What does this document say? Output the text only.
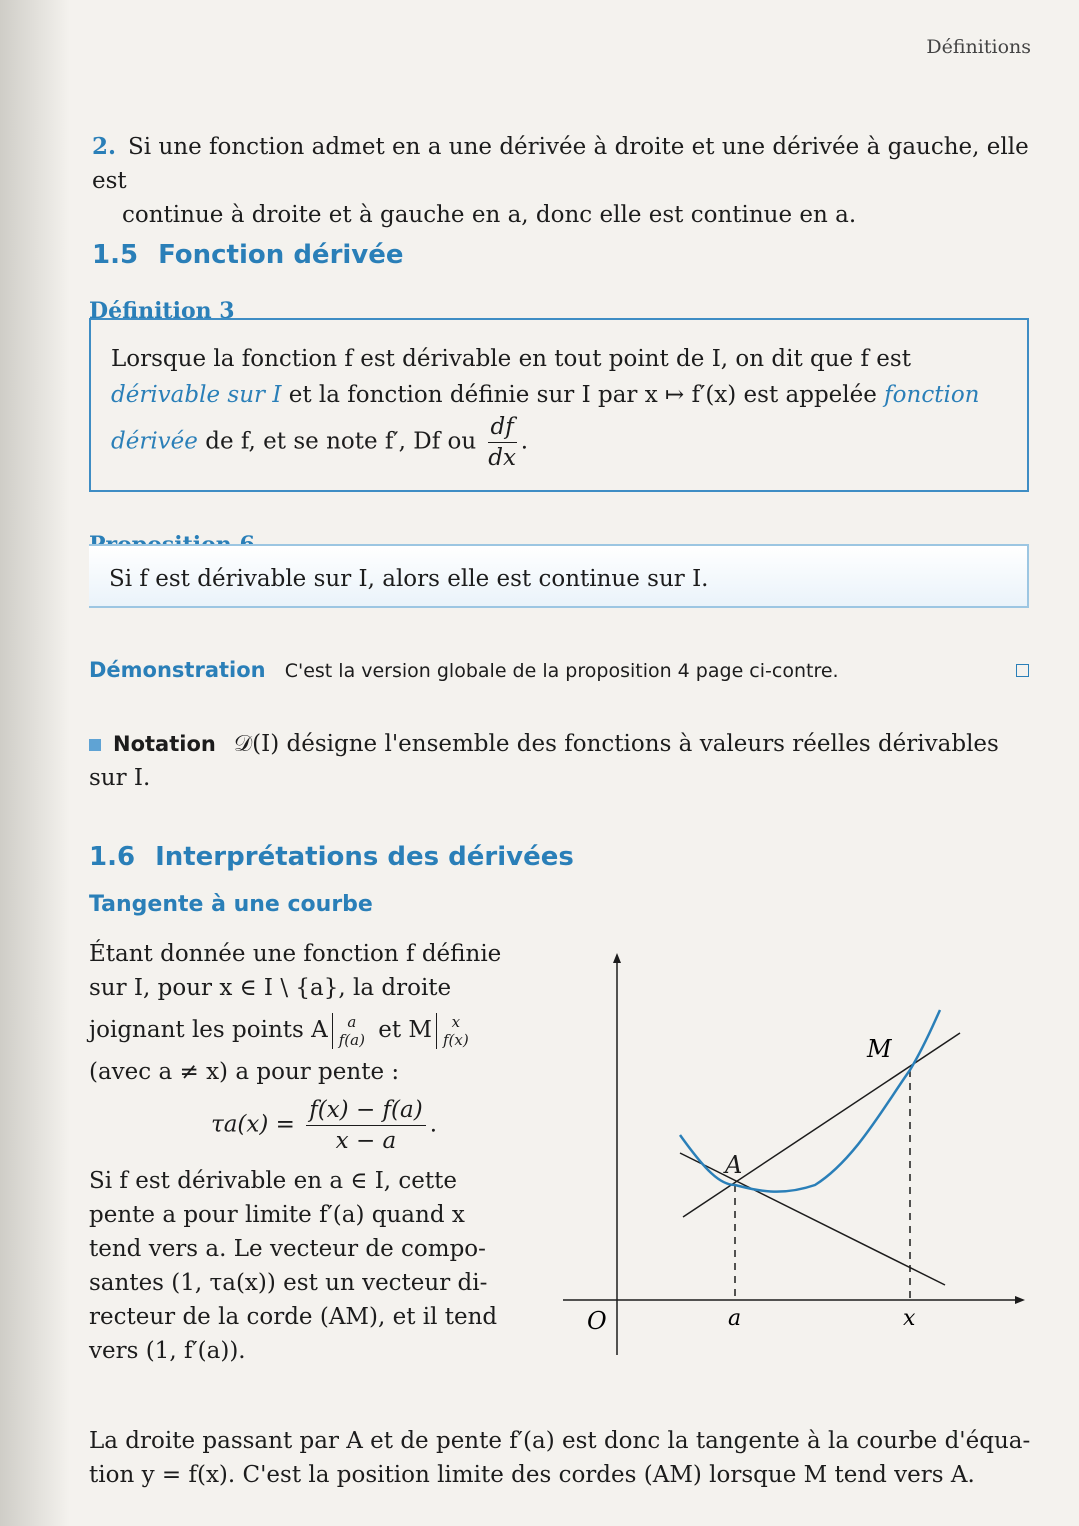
Définitions
2. Si une fonction admet en a une dérivée à droite et une dérivée à gauche, elle est
continue à droite et à gauche en a, donc elle est continue en a.
1.5 Fonction dérivée
Définition 3
Lorsque la fonction f est dérivable en tout point de I, on dit que f est
dérivable sur I et la fonction définie sur I par x ↦ f′(x) est appelée fonction
dérivée de f, et se note f′, Df ou $\frac{df}{dx}$ .
Si f est dérivable sur I, alors elle est continue sur I.
Démonstration C'est la version globale de la proposition 4 page ci-contre.
Notation 𝒟(I) désigne l'ensemble des fonctions à valeurs réelles dérivables
sur I.
1.6 Interprétations des dérivées
Tangente à une courbe
Étant donnée une fonction f définie
sur I, pour x ∈ I \ {a}, la droite
joignant les points A	a
f(a) et M	x
f(x)
(avec a ≠ x) a pour pente :
$\tau a(x) = \frac{f(x) - f(a)}{x - a}$ .
Si f est dérivable en a ∈ I, cette
pente a pour limite f′(a) quand x
tend vers a. Le vecteur de compo-
santes (1, τa(x)) est un vecteur di-
recteur de la corde (AM), et il tend
vers (1, f′(a)).
La droite passant par A et de pente f′(a) est donc la tangente à la courbe d'équa-
tion y = f(x). C'est la position limite des cordes (AM) lorsque M tend vers A.
O	a	x
A
M
